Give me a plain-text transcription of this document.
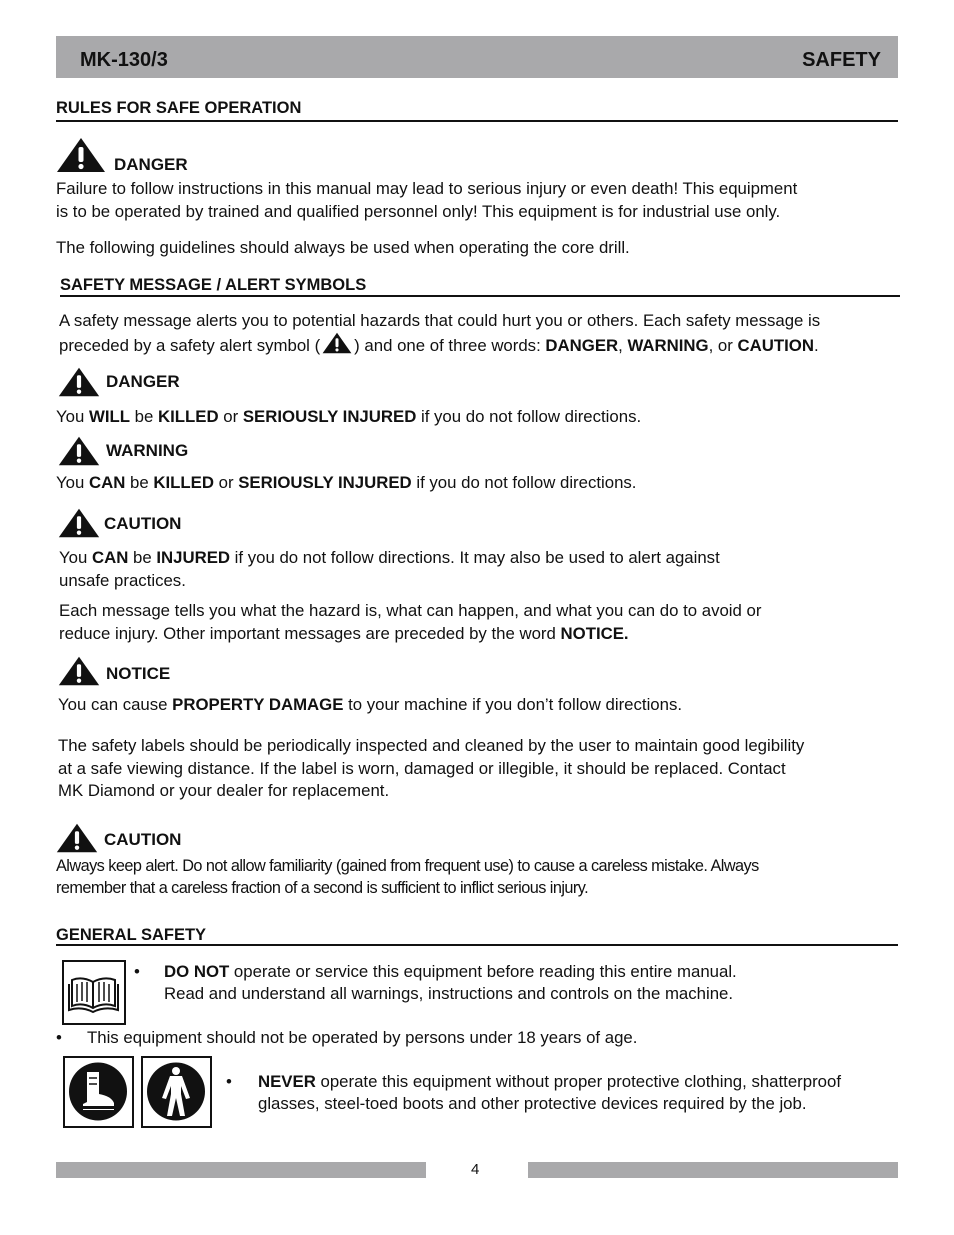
MK-130/3	SAFETY
RULES FOR SAFE OPERATION
DANGER
Failure to follow instructions in this manual may lead to serious injury or even death! This equipment
is to be operated by trained and qualified personnel only! This equipment is for industrial use only.
The following guidelines should always be used when operating the core drill.
SAFETY MESSAGE / ALERT SYMBOLS
A safety message alerts you to potential hazards that could hurt you or others. Each safety message is
preceded by a safety alert symbol ( ) and one of three words: DANGER, WARNING, or CAUTION.
DANGER
You WILL be KILLED or SERIOUSLY INJURED if you do not follow directions.
WARNING
You CAN be KILLED or SERIOUSLY INJURED if you do not follow directions.
CAUTION
You CAN be INJURED if you do not follow directions. It may also be used to alert against
unsafe practices.
Each message tells you what the hazard is, what can happen, and what you can do to avoid or
reduce injury. Other important messages are preceded by the word NOTICE.
NOTICE
You can cause PROPERTY DAMAGE to your machine if you don’t follow directions.
The safety labels should be periodically inspected and cleaned by the user to maintain good legibility
at a safe viewing distance. If the label is worn, damaged or illegible, it should be replaced. Contact
MK Diamond or your dealer for replacement.
CAUTION
Always keep alert. Do not allow familiarity (gained from frequent use) to cause a careless mistake. Always
remember that a careless fraction of a second is sufficient to inflict serious injury.
GENERAL SAFETY
• DO NOT operate or service this equipment before reading this entire manual.
Read and understand all warnings, instructions and controls on the machine.
• This equipment should not be operated by persons under 18 years of age.
• NEVER operate this equipment without proper protective clothing, shatterproof
glasses, steel-toed boots and other protective devices required by the job.
4
